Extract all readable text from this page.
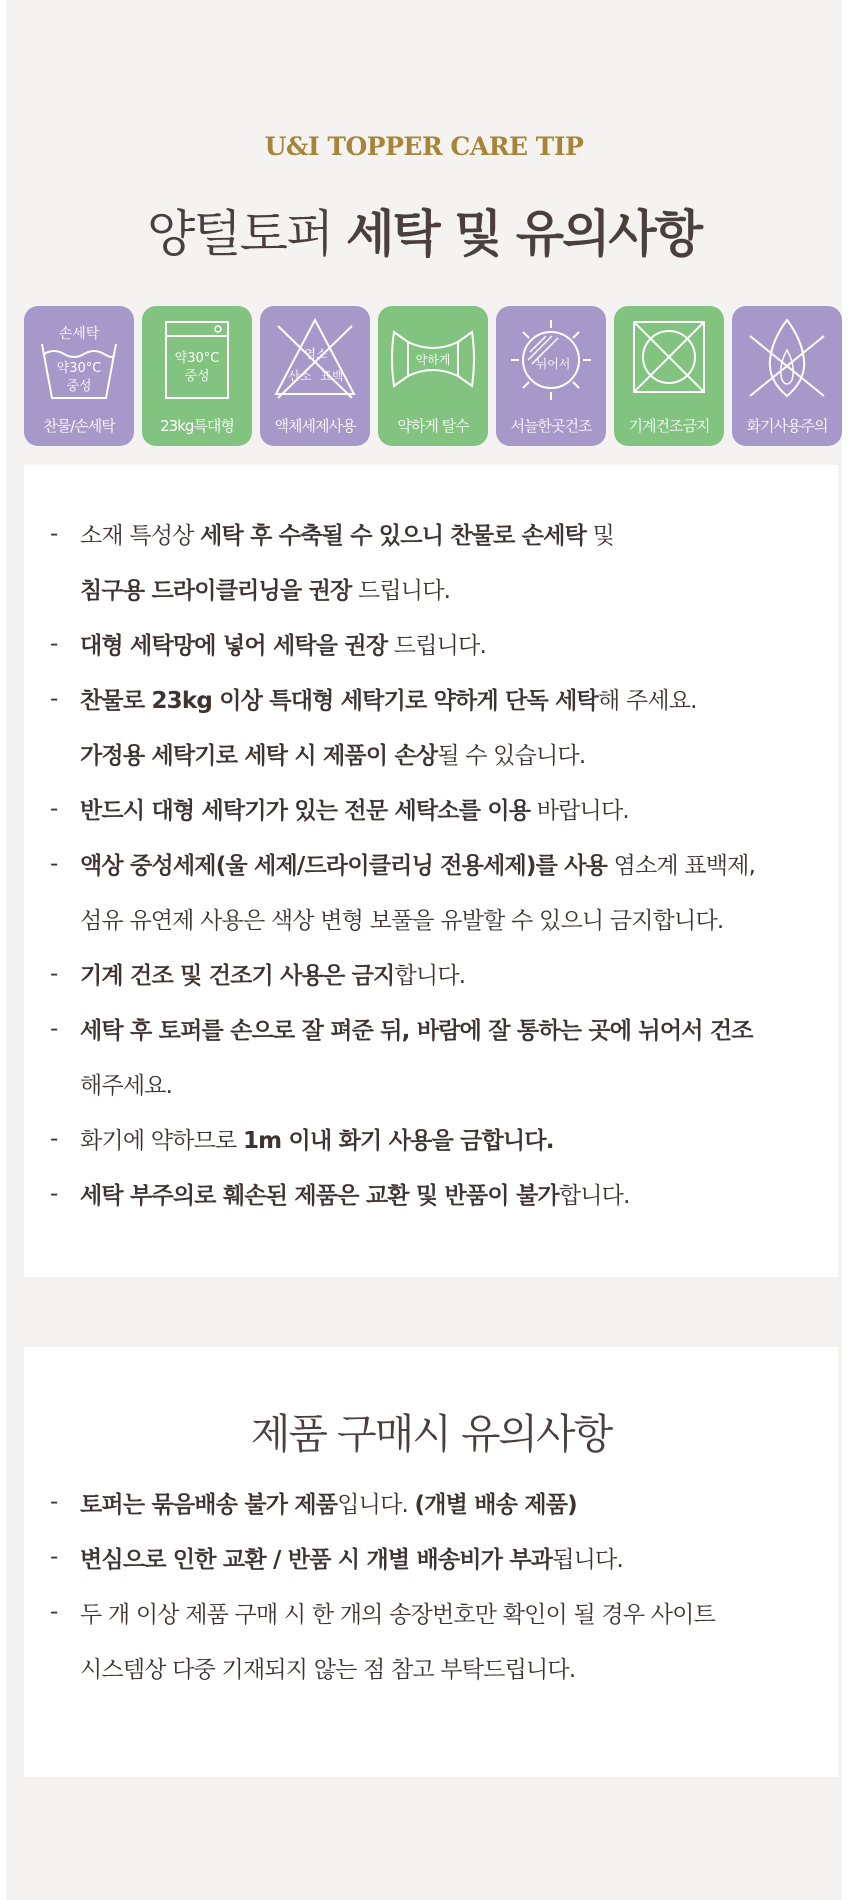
U&I TOPPER CARE TIP
양털토퍼 세탁 및 유의사항
손세탁
약30°C
중성
찬물/손세탁
약30°C
중성
23kg특대형
염소
산소 표백
액체세제사용
약하게
약하게 탈수
뉘어서
서늘한곳건조	기계건조금지	화기사용주의
- 소재 특성상 세탁 후 수축될 수 있으니 찬물로 손세탁 및
침구용 드라이클리닝을 권장 드립니다.
- 대형 세탁망에 넣어 세탁을 권장 드립니다.
- 찬물로 23kg 이상 특대형 세탁기로 약하게 단독 세탁해 주세요.
가정용 세탁기로 세탁 시 제품이 손상될 수 있습니다.
- 반드시 대형 세탁기가 있는 전문 세탁소를 이용 바랍니다.
- 액상 중성세제(울 세제/드라이클리닝 전용세제)를 사용 염소계 표백제,
섬유 유연제 사용은 색상 변형 보풀을 유발할 수 있으니 금지합니다.
- 기계 건조 및 건조기 사용은 금지합니다.
- 세탁 후 토퍼를 손으로 잘 펴준 뒤, 바람에 잘 통하는 곳에 뉘어서 건조
해주세요.
- 화기에 약하므로 1m 이내 화기 사용을 금합니다.
- 세탁 부주의로 훼손된 제품은 교환 및 반품이 불가합니다.
제품 구매시 유의사항
- 토퍼는 묶음배송 불가 제품입니다. (개별 배송 제품)
- 변심으로 인한 교환 / 반품 시 개별 배송비가 부과됩니다.
- 두 개 이상 제품 구매 시 한 개의 송장번호만 확인이 될 경우 사이트
시스템상 다중 기재되지 않는 점 참고 부탁드립니다.
